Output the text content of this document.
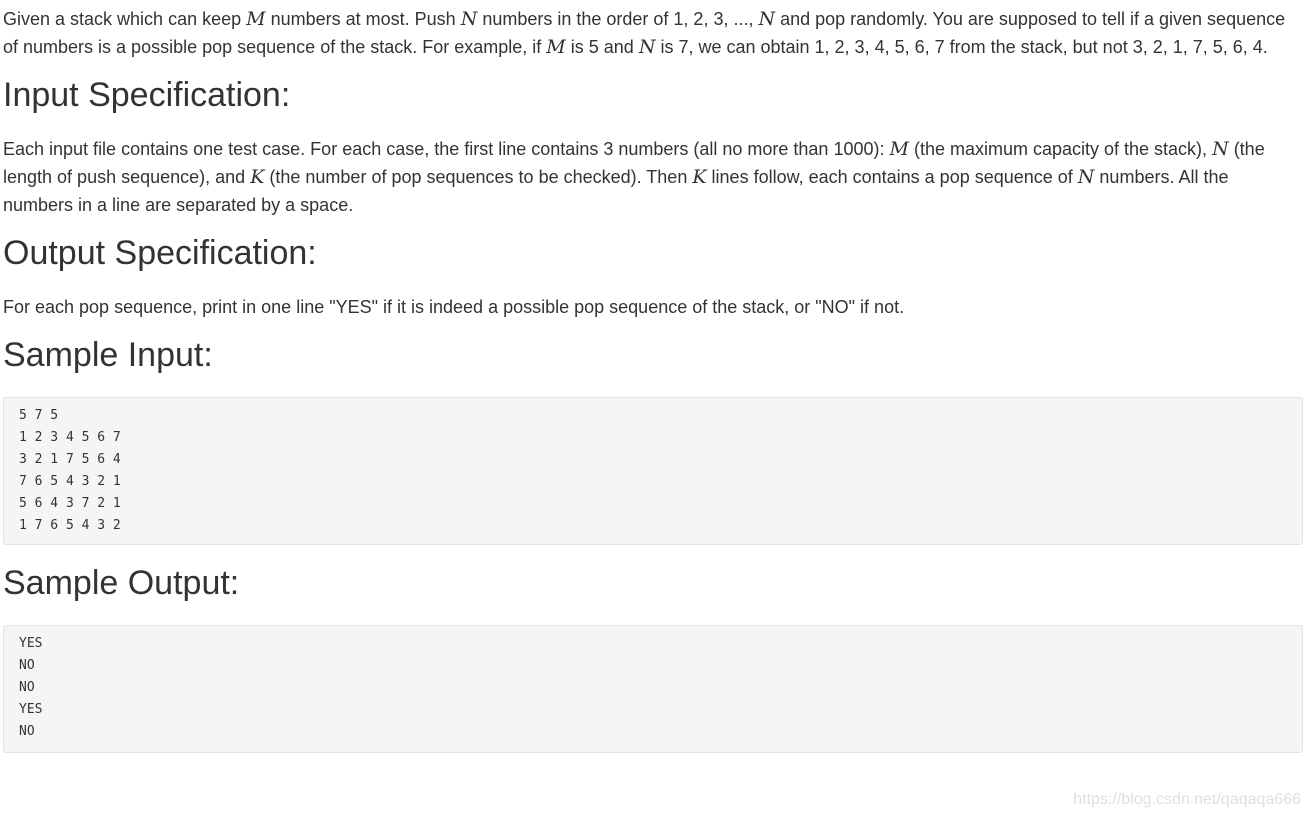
Given a stack which can keep M numbers at most. Push N numbers in the order of 1, 2, 3, ..., N and pop randomly. You are supposed to tell if a given sequence of numbers is a possible pop sequence of the stack. For example, if M is 5 and N is 7, we can obtain 1, 2, 3, 4, 5, 6, 7 from the stack, but not 3, 2, 1, 7, 5, 6, 4.

Input Specification:

Each input file contains one test case. For each case, the first line contains 3 numbers (all no more than 1000): M (the maximum capacity of the stack), N (the length of push sequence), and K (the number of pop sequences to be checked). Then K lines follow, each contains a pop sequence of N numbers. All the numbers in a line are separated by a space.

Output Specification:

For each pop sequence, print in one line "YES" if it is indeed a possible pop sequence of the stack, or "NO" if not.

Sample Input:
5 7 5
1 2 3 4 5 6 7
3 2 1 7 5 6 4
7 6 5 4 3 2 1
5 6 4 3 7 2 1
1 7 6 5 4 3 2
Sample Output:
YES
NO
NO
YES
NO
https://blog.csdn.net/qaqaqa666
